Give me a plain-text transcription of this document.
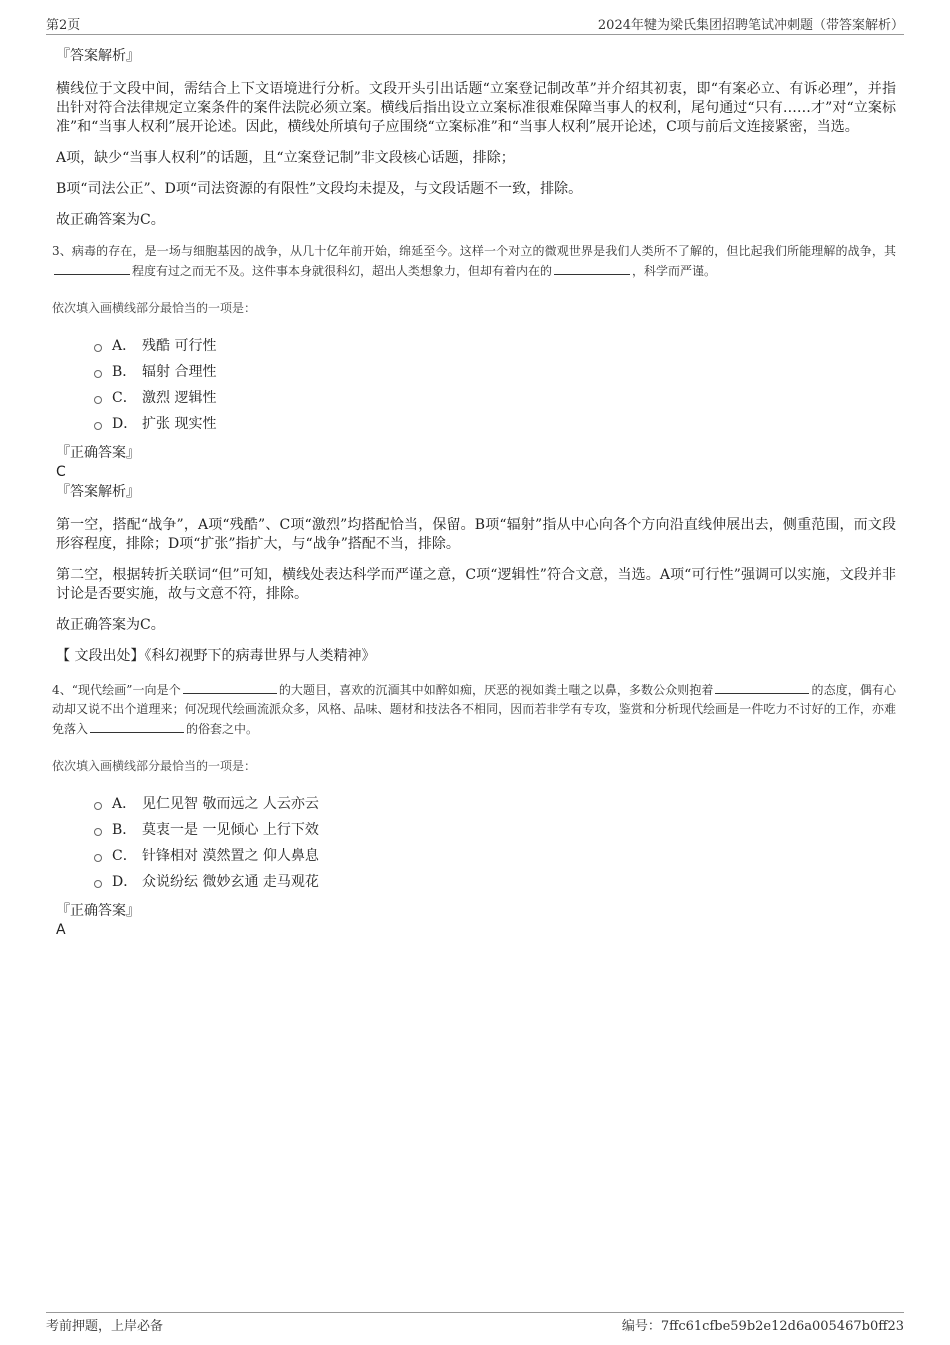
第2页	2024年犍为梁氏集团招聘笔试冲刺题（带答案解析）

『答案解析』

横线位于文段中间，需结合上下文语境进行分析。文段开头引出话题“立案登记制改革”并介绍其初衷，即“有案必立、有诉必理”，并指出针对符合法律规定立案条件的案件法院必须立案。横线后指出设立立案标准很难保障当事人的权利，尾句通过“只有……才”对“立案标准”和“当事人权利”展开论述。因此，横线处所填句子应围绕“立案标准”和“当事人权利”展开论述，C项与前后文连接紧密，当选。

A项，缺少“当事人权利”的话题，且“立案登记制”非文段核心话题，排除；

B项“司法公正”、D项“司法资源的有限性”文段均未提及，与文段话题不一致，排除。

故正确答案为C。

3、病毒的存在，是一场与细胞基因的战争，从几十亿年前开始，绵延至今。这样一个对立的微观世界是我们人类所不了解的，但比起我们所能理解的战争，其程度有过之而无不及。这件事本身就很科幻，超出人类想象力，但却有着内在的	，科学而严谨。

依次填入画横线部分最恰当的一项是：

A． 残酷 可行性
B． 辐射 合理性
C． 激烈 逻辑性
D． 扩张 现实性

『正确答案』

C

『答案解析』

第一空，搭配“战争”，A项“残酷”、C项“激烈”均搭配恰当，保留。B项“辐射”指从中心向各个方向沿直线伸展出去，侧重范围，而文段形容程度，排除；D项“扩张”指扩大，与“战争”搭配不当，排除。

第二空，根据转折关联词“但”可知，横线处表达科学而严谨之意，C项“逻辑性”符合文意，当选。A项“可行性”强调可以实施，文段并非讨论是否要实施，故与文意不符，排除。

故正确答案为C。

【 文段出处】《科幻视野下的病毒世界与人类精神》

4、“现代绘画”一向是个	的大题目，喜欢的沉湎其中如醉如痴，厌恶的视如粪土嗤之以鼻，多数公众则抱着	的态度，偶有心动却又说不出个道理来；何况现代绘画流派众多，风格、品味、题材和技法各不相同，因而若非学有专攻，鉴赏和分析现代绘画是一件吃力不讨好的工作，亦难免落入	的俗套之中。

依次填入画横线部分最恰当的一项是：

A． 见仁见智 敬而远之 人云亦云
B． 莫衷一是 一见倾心 上行下效
C． 针锋相对 漠然置之 仰人鼻息
D． 众说纷纭 微妙玄通 走马观花

『正确答案』

A

考前押题，上岸必备	编号：7ffc61cfbe59b2e12d6a005467b0ff23
